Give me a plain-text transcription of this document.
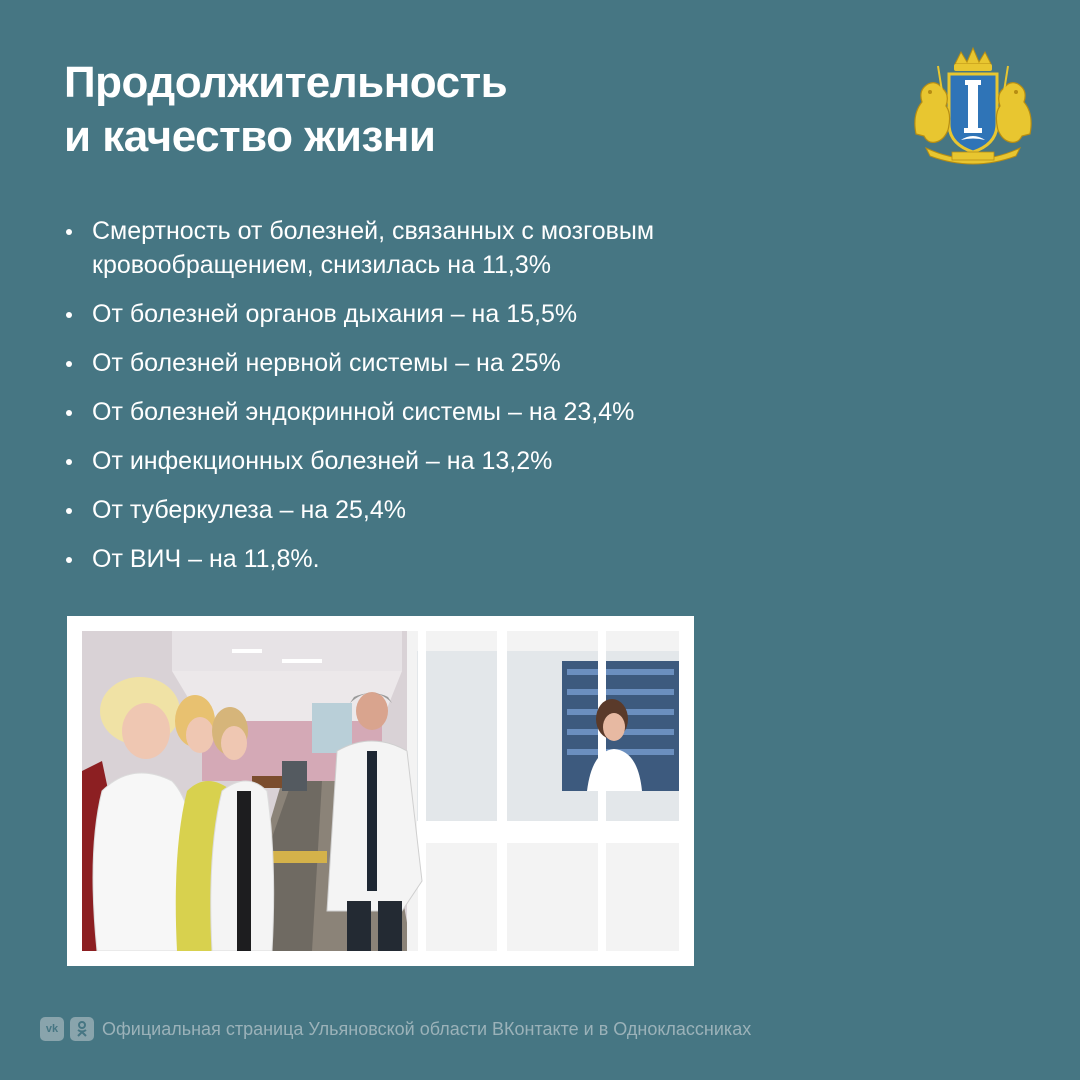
Продолжительность
и качество жизни
Смертность от болезней, связанных с мозговым кровообращением, снизилась на 11,3%
От болезней органов дыхания – на 15,5%
От болезней нервной системы – на 25%
От болезней эндокринной системы – на 23,4%
От инфекционных болезней – на 13,2%
От туберкулеза – на 25,4%
От ВИЧ – на 11,8%.
vk	Официальная страница Ульяновской области ВКонтакте и в Одноклассниках
